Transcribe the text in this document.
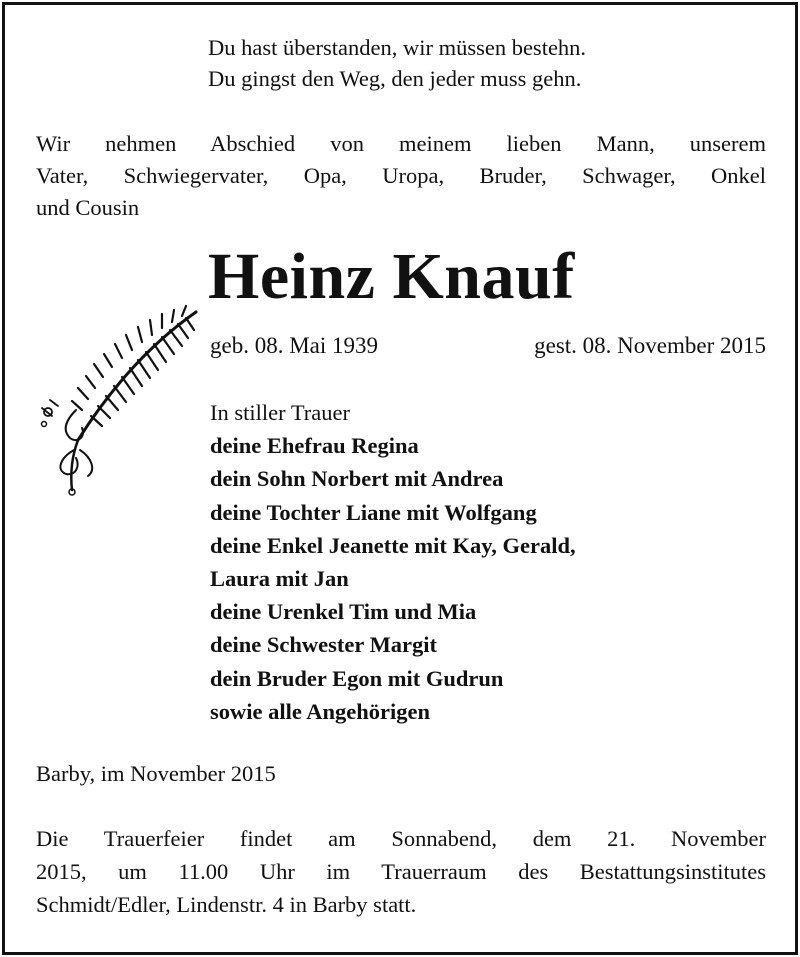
Du hast überstanden, wir müssen bestehn.
Du gingst den Weg, den jeder muss gehn.
Wir nehmen Abschied von meinem lieben Mann, unserem
Vater, Schwiegervater, Opa, Uropa, Bruder, Schwager, Onkel
und Cousin
Heinz Knauf
geb. 08. Mai 1939	gest. 08. November 2015
In stiller Trauer
deine Ehefrau Regina
dein Sohn Norbert mit Andrea
deine Tochter Liane mit Wolfgang
deine Enkel Jeanette mit Kay, Gerald,
Laura mit Jan
deine Urenkel Tim und Mia
deine Schwester Margit
dein Bruder Egon mit Gudrun
sowie alle Angehörigen
Barby, im November 2015
Die Trauerfeier findet am Sonnabend, dem 21. November
2015, um 11.00 Uhr im Trauerraum des Bestattungsinstitutes
Schmidt/Edler, Lindenstr. 4 in Barby statt.
